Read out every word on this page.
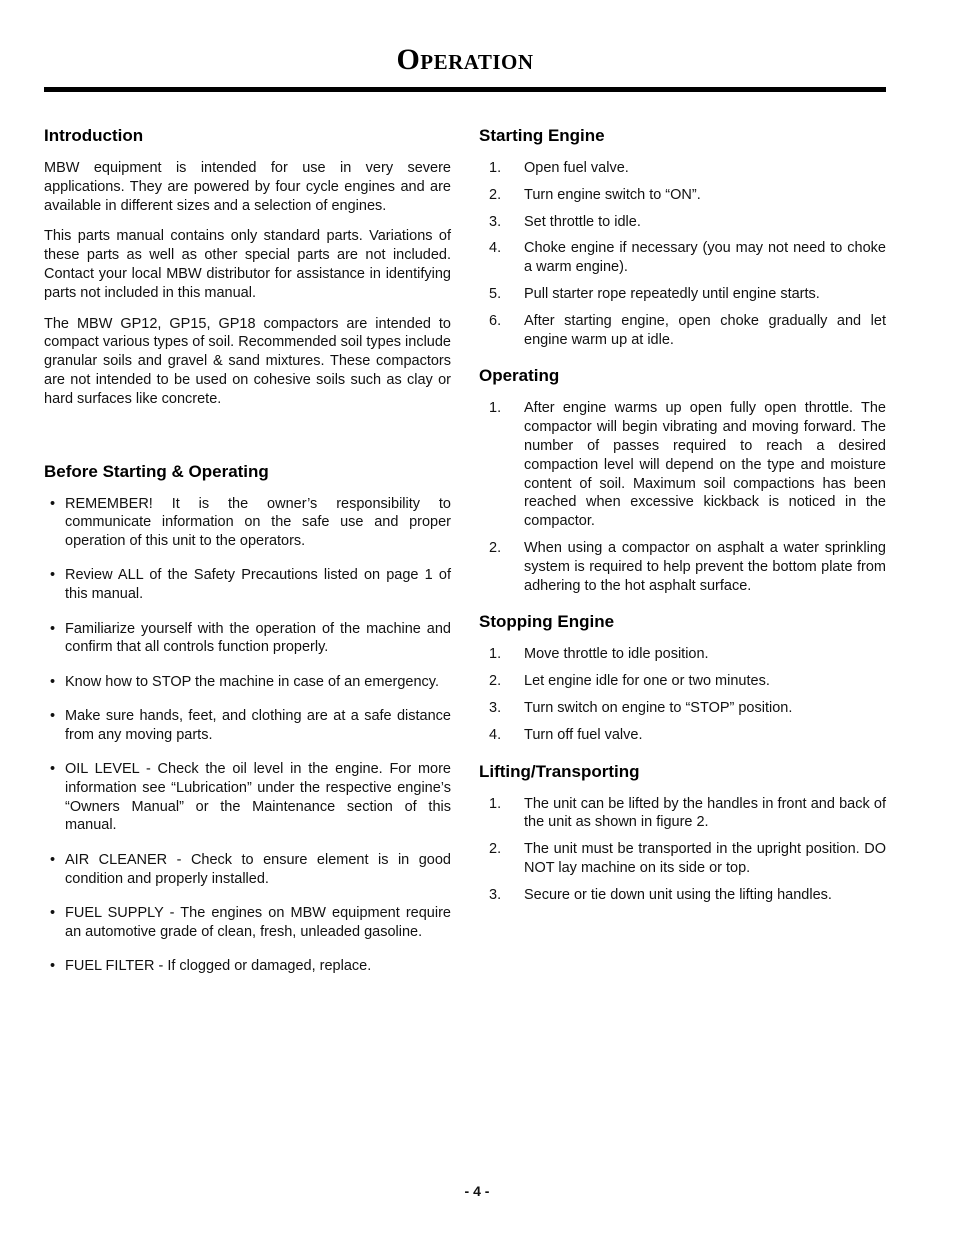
Operation
Introduction

MBW equipment is intended for use in very severe applications. They are powered by four cycle engines and are available in different sizes and a selection of engines.

This parts manual contains only standard parts. Variations of these parts as well as other special parts are not included. Contact your local MBW distributor for assistance in identifying parts not included in this manual.

The MBW GP12, GP15, GP18 compactors are intended to compact various types of soil. Recommended soil types include granular soils and gravel & sand mixtures. These compactors are not intended to be used on cohesive soils such as clay or hard surfaces like concrete.

Before Starting & Operating
• REMEMBER! It is the owner’s responsibility to communicate information on the safe use and proper operation of this unit to the operators.
• Review ALL of the Safety Precautions listed on page 1 of this manual.
• Familiarize yourself with the operation of the machine and confirm that all controls function properly.
• Know how to STOP the machine in case of an emergency.
• Make sure hands, feet, and clothing are at a safe distance from any moving parts.
• OIL LEVEL - Check the oil level in the engine. For more information see “Lubrication” under the respective engine’s “Owners Manual” or the Maintenance section of this manual.
• AIR CLEANER - Check to ensure element is in good condition and properly installed.
• FUEL SUPPLY - The engines on MBW equipment require an automotive grade of clean, fresh, unleaded gasoline.
• FUEL FILTER - If clogged or damaged, replace.
Starting Engine
1. Open fuel valve.
2. Turn engine switch to “ON”.
3. Set throttle to idle.
4. Choke engine if necessary (you may not need to choke a warm engine).
5. Pull starter rope repeatedly until engine starts.
6. After starting engine, open choke gradually and let engine warm up at idle.
Operating
1. After engine warms up open fully open throttle. The compactor will begin vibrating and moving forward. The number of passes required to reach a desired compaction level will depend on the type and moisture content of soil. Maximum soil compactions has been reached when excessive kickback is noticed in the compactor.
2. When using a compactor on asphalt a water sprinkling system is required to help prevent the bottom plate from adhering to the hot asphalt surface.
Stopping Engine
1. Move throttle to idle position.
2. Let engine idle for one or two minutes.
3. Turn switch on engine to “STOP” position.
4. Turn off fuel valve.
Lifting/Transporting
1. The unit can be lifted by the handles in front and back of the unit as shown in figure 2.
2. The unit must be transported in the upright position. DO NOT lay machine on its side or top.
3. Secure or tie down unit using the lifting handles.
- 4 -
